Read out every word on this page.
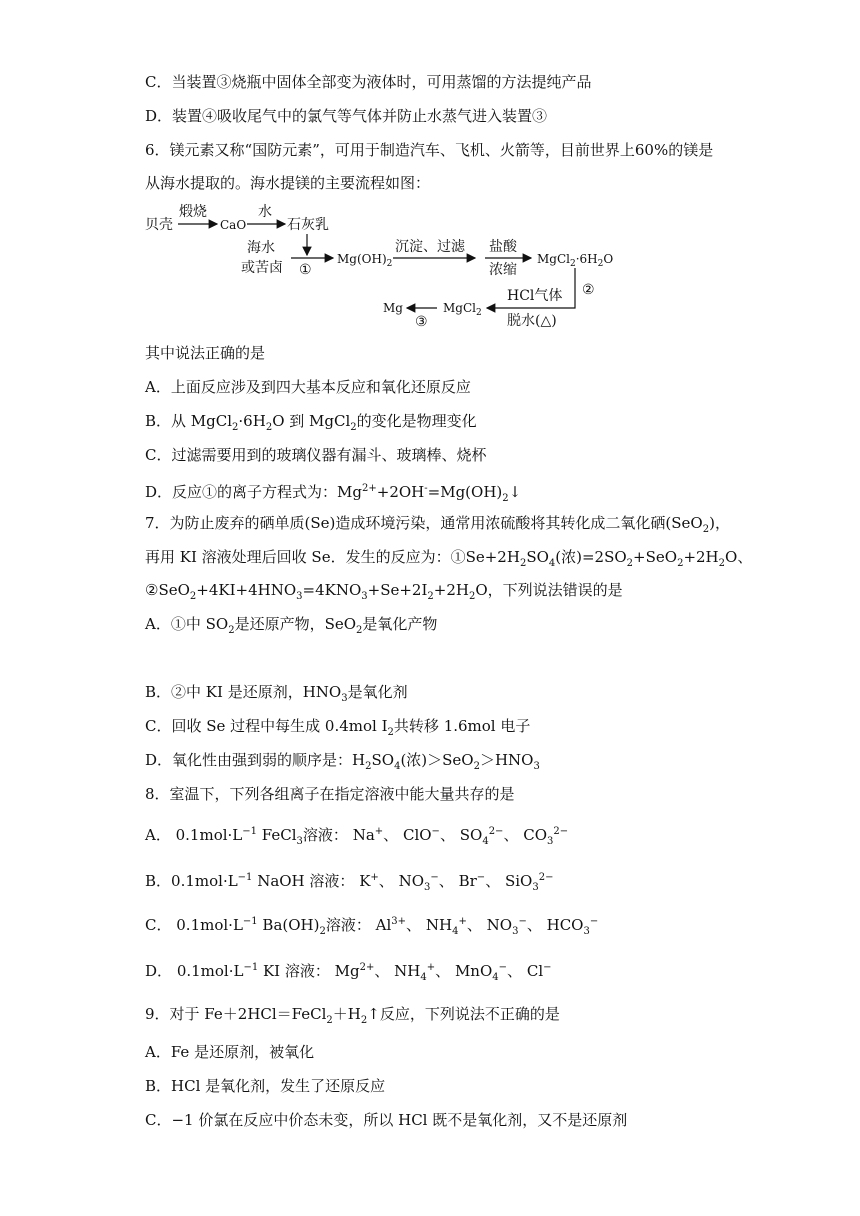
C．当装置③烧瓶中固体全部变为液体时，可用蒸馏的方法提纯产品
D．装置④吸收尾气中的氯气等气体并防止水蒸气进入装置③
6．镁元素又称“国防元素”，可用于制造汽车、飞机、火箭等，目前世界上60%的镁是
从海水提取的。海水提镁的主要流程如图：
贝壳
煅烧
CaO
水
石灰乳
海水
或苦卤 ①
$Mg(OH)_2$
沉淀、过滤 盐酸
浓缩
$MgCl_2\cdot 6H_2O$
②
HCl气体
脱水(△)
MgCl$_2$
③
Mg
其中说法正确的是
A．上面反应涉及到四大基本反应和氧化还原反应
B．从 $MgCl_2\cdot 6H_2O$ 到 MgCl$_2$的变化是物理变化
C．过滤需要用到的玻璃仪器有漏斗、玻璃棒、烧杯
D．反应①的离子方程式为：$Mg^{2+}+2OH^-=Mg(OH)_2↓$
7．为防止废弃的硒单质(Se)造成环境污染，通常用浓硫酸将其转化成二氧化硒(SeO$_2$)，
再用 KI 溶液处理后回收 Se．发生的反应为：$①Se+2H_2SO_4$(浓)$=2SO_2+SeO_2+2H_2O$、
$②SeO_2+4KI+4HNO_3=4KNO_3+Se+2I_2+2H_2O$，下列说法错误的是
A．①中 $SO_2$是还原产物，SeO$_2$是氧化产物
B．②中 KI 是还原剂，$HNO_3$是氧化剂
C．回收 Se 过程中每生成 0.4mol $I_2$共转移 1.6mol 电子
D．氧化性由强到弱的顺序是：$H_2SO_4$(浓)$>SeO_2>HNO_3$
8．室温下，下列各组离子在指定溶液中能大量共存的是
A． $0.1mol\cdot L^{-1}$ FeCl$_3$溶液： Na+、 ClO−、 $SO_4^{2-}$、 $CO_3^{2-}$
B．$0.1mol\cdot L^{-1}$ NaOH 溶液： K+、 $NO_3^-$、 Br−、 SiO$_3^{2-}$
C． $0.1mol\cdot L^{-1}$ $Ba(OH)_2$溶液： $Al^{3+}$、 $NH_4^+$、 $NO_3^-$、 $HCO_3^-$
D． $0.1mol\cdot L^{-1}$ KI 溶液： $Mg^{2+}$、 $NH_4^+$、 MnO$_4$−、 Cl−
9．对于 $Fe+2HCl=FeCl_2+H_2↑$反应，下列说法不正确的是
A．Fe 是还原剂，被氧化
B．HCl 是氧化剂，发生了还原反应
C．−1 价氯在反应中价态未变，所以 HCl 既不是氧化剂，又不是还原剂
